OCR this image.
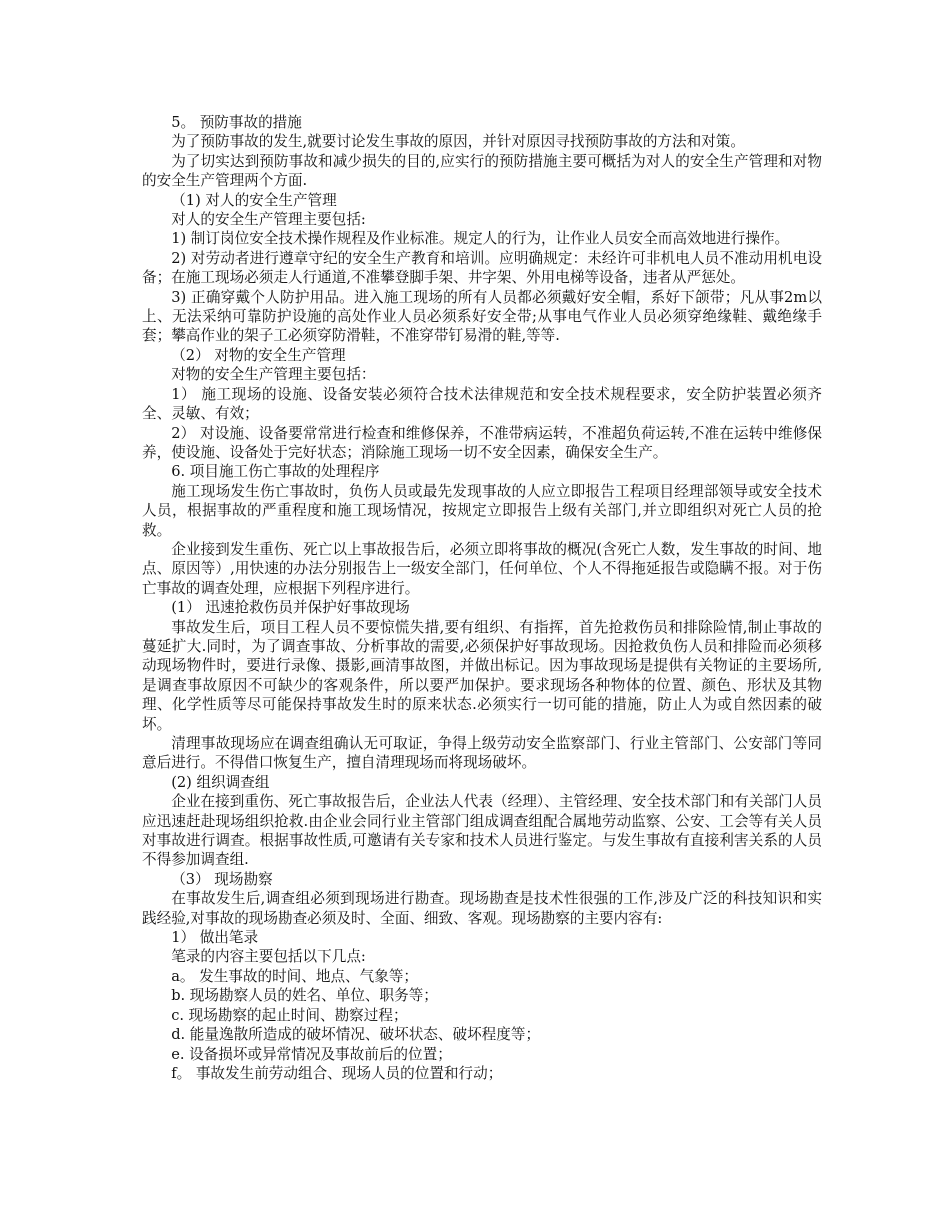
5。 预防事故的措施

为了预防事故的发生,就要讨论发生事故的原因，并针对原因寻找预防事故的方法和对策。

为了切实达到预防事故和减少损失的目的,应实行的预防措施主要可概括为对人的安全生产管理和对物的安全生产管理两个方面.

（1) 对人的安全生产管理

对人的安全生产管理主要包括:

1) 制订岗位安全技术操作规程及作业标准。规定人的行为，让作业人员安全而高效地进行操作。

2) 对劳动者进行遵章守纪的安全生产教育和培训。应明确规定：未经许可非机电人员不准动用机电设备；在施工现场必须走人行通道,不准攀登脚手架、井字架、外用电梯等设备，违者从严惩处。

3) 正确穿戴个人防护用品。进入施工现场的所有人员都必须戴好安全帽，系好下颌带；凡从事2m以上、无法采纳可靠防护设施的高处作业人员必须系好安全带;从事电气作业人员必须穿绝缘鞋、戴绝缘手套；攀高作业的架子工必须穿防滑鞋，不准穿带钉易滑的鞋,等等.

（2） 对物的安全生产管理

对物的安全生产管理主要包括：

1） 施工现场的设施、设备安装必须符合技术法律规范和安全技术规程要求，安全防护装置必须齐全、灵敏、有效；

2） 对设施、设备要常常进行检查和维修保养，不准带病运转，不准超负荷运转,不准在运转中维修保养，使设施、设备处于完好状态；消除施工现场一切不安全因素，确保安全生产。

6. 项目施工伤亡事故的处理程序

施工现场发生伤亡事故时，负伤人员或最先发现事故的人应立即报告工程项目经理部领导或安全技术人员，根据事故的严重程度和施工现场情况，按规定立即报告上级有关部门,并立即组织对死亡人员的抢救。

企业接到发生重伤、死亡以上事故报告后，必须立即将事故的概况(含死亡人数，发生事故的时间、地点、原因等）,用快速的办法分别报告上一级安全部门，任何单位、个人不得拖延报告或隐瞒不报。对于伤亡事故的调查处理，应根据下列程序进行。

(1） 迅速抢救伤员并保护好事故现场

事故发生后，项目工程人员不要惊慌失措,要有组织、有指挥，首先抢救伤员和排除险情,制止事故的蔓延扩大.同时，为了调查事故、分析事故的需要,必须保护好事故现场。因抢救负伤人员和排险而必须移动现场物件时，要进行录像、摄影,画清事故图，并做出标记。因为事故现场是提供有关物证的主要场所,是调查事故原因不可缺少的客观条件，所以要严加保护。要求现场各种物体的位置、颜色、形状及其物理、化学性质等尽可能保持事故发生时的原来状态.必须实行一切可能的措施，防止人为或自然因素的破坏。

清理事故现场应在调查组确认无可取证，争得上级劳动安全监察部门、行业主管部门、公安部门等同意后进行。不得借口恢复生产，擅自清理现场而将现场破坏。

(2) 组织调查组

企业在接到重伤、死亡事故报告后，企业法人代表（经理）、主管经理、安全技术部门和有关部门人员应迅速赶赴现场组织抢救.由企业会同行业主管部门组成调查组配合属地劳动监察、公安、工会等有关人员对事故进行调查。根据事故性质,可邀请有关专家和技术人员进行鉴定。与发生事故有直接利害关系的人员不得参加调查组.

（3） 现场勘察

在事故发生后,调查组必须到现场进行勘查。现场勘查是技术性很强的工作,涉及广泛的科技知识和实践经验,对事故的现场勘查必须及时、全面、细致、客观。现场勘察的主要内容有:

1） 做出笔录

笔录的内容主要包括以下几点:

a。 发生事故的时间、地点、气象等；

b. 现场勘察人员的姓名、单位、职务等；

c. 现场勘察的起止时间、勘察过程；

d. 能量逸散所造成的破坏情况、破坏状态、破坏程度等；

e. 设备损坏或异常情况及事故前后的位置；

f。 事故发生前劳动组合、现场人员的位置和行动；
